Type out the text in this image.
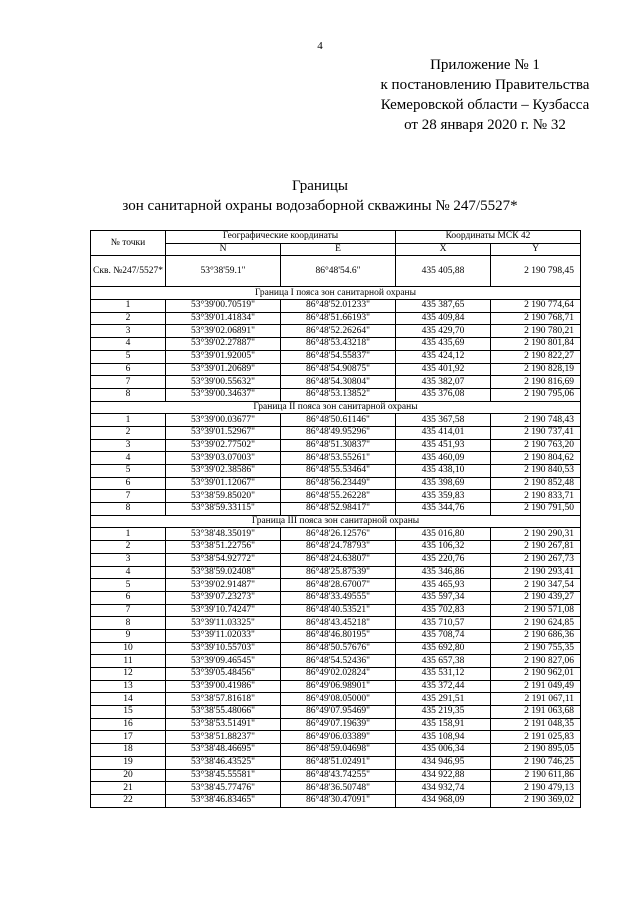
4
Приложение № 1
к постановлению Правительства
Кемеровской области – Кузбасса
от 28 января 2020 г. № 32
Границы
зон санитарной охраны водозаборной скважины № 247/5527*
№ точки	Географические координаты		Координаты МСК 42	
	N	E	X	Y
Скв. №247/5527*	53°38'59.1"	86°48'54.6"	435 405,88	2 190 798,45
Граница I пояса зон санитарной охраны				
1	53°39'00.70519"	86°48'52.01233"	435 387,65	2 190 774,64
2	53°39'01.41834"	86°48'51.66193"	435 409,84	2 190 768,71
3	53°39'02.06891"	86°48'52.26264"	435 429,70	2 190 780,21
4	53°39'02.27887"	86°48'53.43218"	435 435,69	2 190 801,84
5	53°39'01.92005"	86°48'54.55837"	435 424,12	2 190 822,27
6	53°39'01.20689"	86°48'54.90875"	435 401,92	2 190 828,19
7	53°39'00.55632"	86°48'54.30804"	435 382,07	2 190 816,69
8	53°39'00.34637"	86°48'53.13852"	435 376,08	2 190 795,06
Граница II пояса зон санитарной охраны				
1	53°39'00.03677"	86°48'50.61146"	435 367,58	2 190 748,43
2	53°39'01.52967"	86°48'49.95296"	435 414,01	2 190 737,41
3	53°39'02.77502"	86°48'51.30837"	435 451,93	2 190 763,20
4	53°39'03.07003"	86°48'53.55261"	435 460,09	2 190 804,62
5	53°39'02.38586"	86°48'55.53464"	435 438,10	2 190 840,53
6	53°39'01.12067"	86°48'56.23449"	435 398,69	2 190 852,48
7	53°38'59.85020"	86°48'55.26228"	435 359,83	2 190 833,71
8	53°38'59.33115"	86°48'52.98417"	435 344,76	2 190 791,50
Граница III пояса зон санитарной охраны				
1	53°38'48.35019"	86°48'26.12576"	435 016,80	2 190 290,31
2	53°38'51.22756"	86°48'24.78793"	435 106,32	2 190 267,81
3	53°38'54.92772"	86°48'24.63807"	435 220,76	2 190 267,73
4	53°38'59.02408"	86°48'25.87539"	435 346,86	2 190 293,41
5	53°39'02.91487"	86°48'28.67007"	435 465,93	2 190 347,54
6	53°39'07.23273"	86°48'33.49555"	435 597,34	2 190 439,27
7	53°39'10.74247"	86°48'40.53521"	435 702,83	2 190 571,08
8	53°39'11.03325"	86°48'43.45218"	435 710,57	2 190 624,85
9	53°39'11.02033"	86°48'46.80195"	435 708,74	2 190 686,36
10	53°39'10.55703"	86°48'50.57676"	435 692,80	2 190 755,35
11	53°39'09.46545"	86°48'54.52436"	435 657,38	2 190 827,06
12	53°39'05.48456"	86°49'02.02824"	435 531,12	2 190 962,01
13	53°39'00.41986"	86°49'06.98901"	435 372,44	2 191 049,49
14	53°38'57.81618"	86°49'08.05000"	435 291,51	2 191 067,11
15	53°38'55.48066"	86°49'07.95469"	435 219,35	2 191 063,68
16	53°38'53.51491"	86°49'07.19639"	435 158,91	2 191 048,35
17	53°38'51.88237"	86°49'06.03389"	435 108,94	2 191 025,83
18	53°38'48.46695"	86°48'59.04698"	435 006,34	2 190 895,05
19	53°38'46.43525"	86°48'51.02491"	434 946,95	2 190 746,25
20	53°38'45.55581"	86°48'43.74255"	434 922,88	2 190 611,86
21	53°38'45.77476"	86°48'36.50748"	434 932,74	2 190 479,13
22	53°38'46.83465"	86°48'30.47091"	434 968,09	2 190 369,02
